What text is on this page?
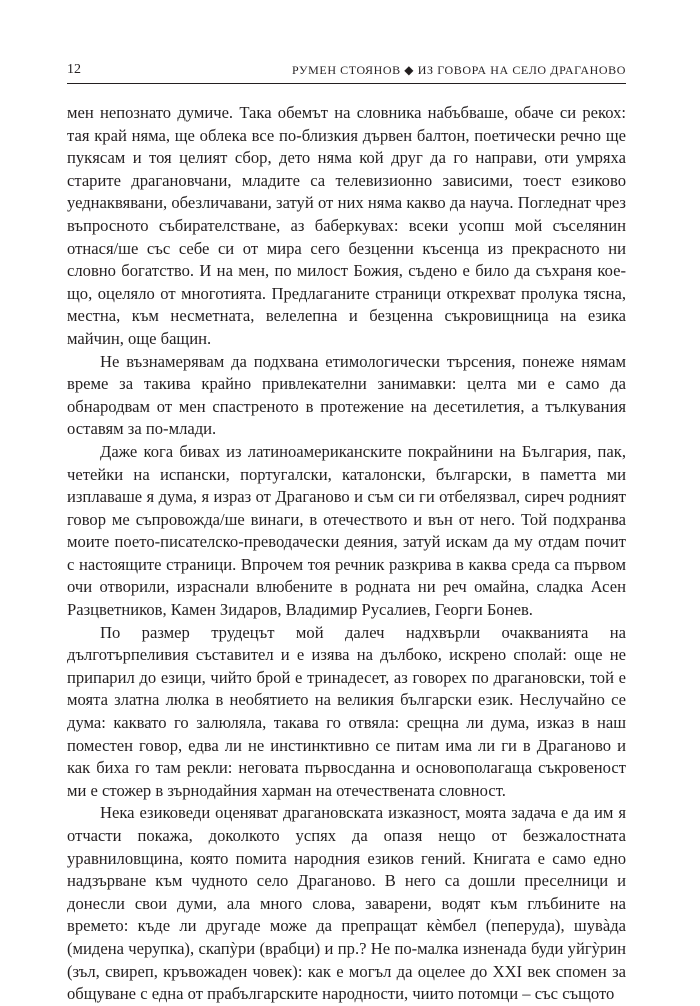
12	РУМЕН СТОЯНОВ ◆ ИЗ ГОВОРА НА СЕЛО ДРАГАНОВО

мен непознато думиче. Така обемът на словника набъбваше, обаче си рекох: тая край няма, ще облека все по-близкия дървен балтон, поетически речно ще пукясам и тоя целият сбор, дето няма кой друг да го направи, оти умряха старите драгановчани, младите са телевизионно зависими, тоест езиково уеднаквявани, обезличавани, затуй от них няма какво да науча. Погледнат чрез въпросното събирателстване, аз баберкувах: всеки усопш мой съселянин отнася/ше със себе си от мира сего безценни късенца из прекрасното ни словно богатство. И на мен, по милост Божия, съдено е било да съхраня кое-що, оцеляло от многотията. Предлаганите страници открехват пролука тясна, местна, към несметната, велелепна и безценна съкровищница на езика майчин, още бащин.

Не възнамерявам да подхвана етимологически търсения, понеже нямам време за такива крайно привлекателни занимавки: целта ми е само да обнародвам от мен спастреното в протежение на десетилетия, а тълкувания оставям за по-млади.

Даже кога бивах из латиноамериканските покрайнини на България, пак, четейки на испански, португалски, каталонски, български, в паметта ми изплаваше я дума, я израз от Драганово и съм си ги отбелязвал, сиреч родният говор ме съпровожда/ше винаги, в отечеството и вън от него. Той подхранва моите поето-писателско-преводачески деяния, затуй искам да му отдам почит с настоящите страници. Впрочем тоя речник разкрива в каква среда са първом очи отворили, израснали влюбените в родната ни реч омайна, сладка Асен Разцветников, Камен Зидаров, Владимир Русалиев, Георги Бонев.

По размер трудецът мой далеч надхвърли очакванията на дълготърпеливия съставител и е изява на дълбоко, искрено сполай: още не припарил до езици, чийто брой е тринадесет, аз говорех по драгановски, той е моята златна люлка в необятието на великия български език. Неслучайно се дума: каквато го залюляла, такава го отвяла: срещна ли дума, изказ в наш поместен говор, едва ли не инстинктивно се питам има ли ги в Драганово и как биха го там рекли: неговата първосданна и основополагаща съкровеност ми е стожер в зърнодайния харман на отечествената словност.

Нека езиковеди оценяват драгановската изказност, моята задача е да им я отчасти покажа, доколкото успях да опазя нещо от безжалостната уравниловщина, която помита народния езиков гений. Книгата е само едно надзърване към чудното село Драганово. В него са дошли преселници и донесли свои думи, ала много слова, заварени, водят към глъбините на времето: къде ли другаде може да препращат кѐмбел (пеперуда), шувàда (мидена черупка), скапỳри (врабци) и пр.? Не по-малка изненада буди уйгỳрин (зъл, свиреп, кръвожаден човек): как е могъл да оцелее до XXI век спомен за общуване с една от прабългарските народности, чиито потомци – със същото
